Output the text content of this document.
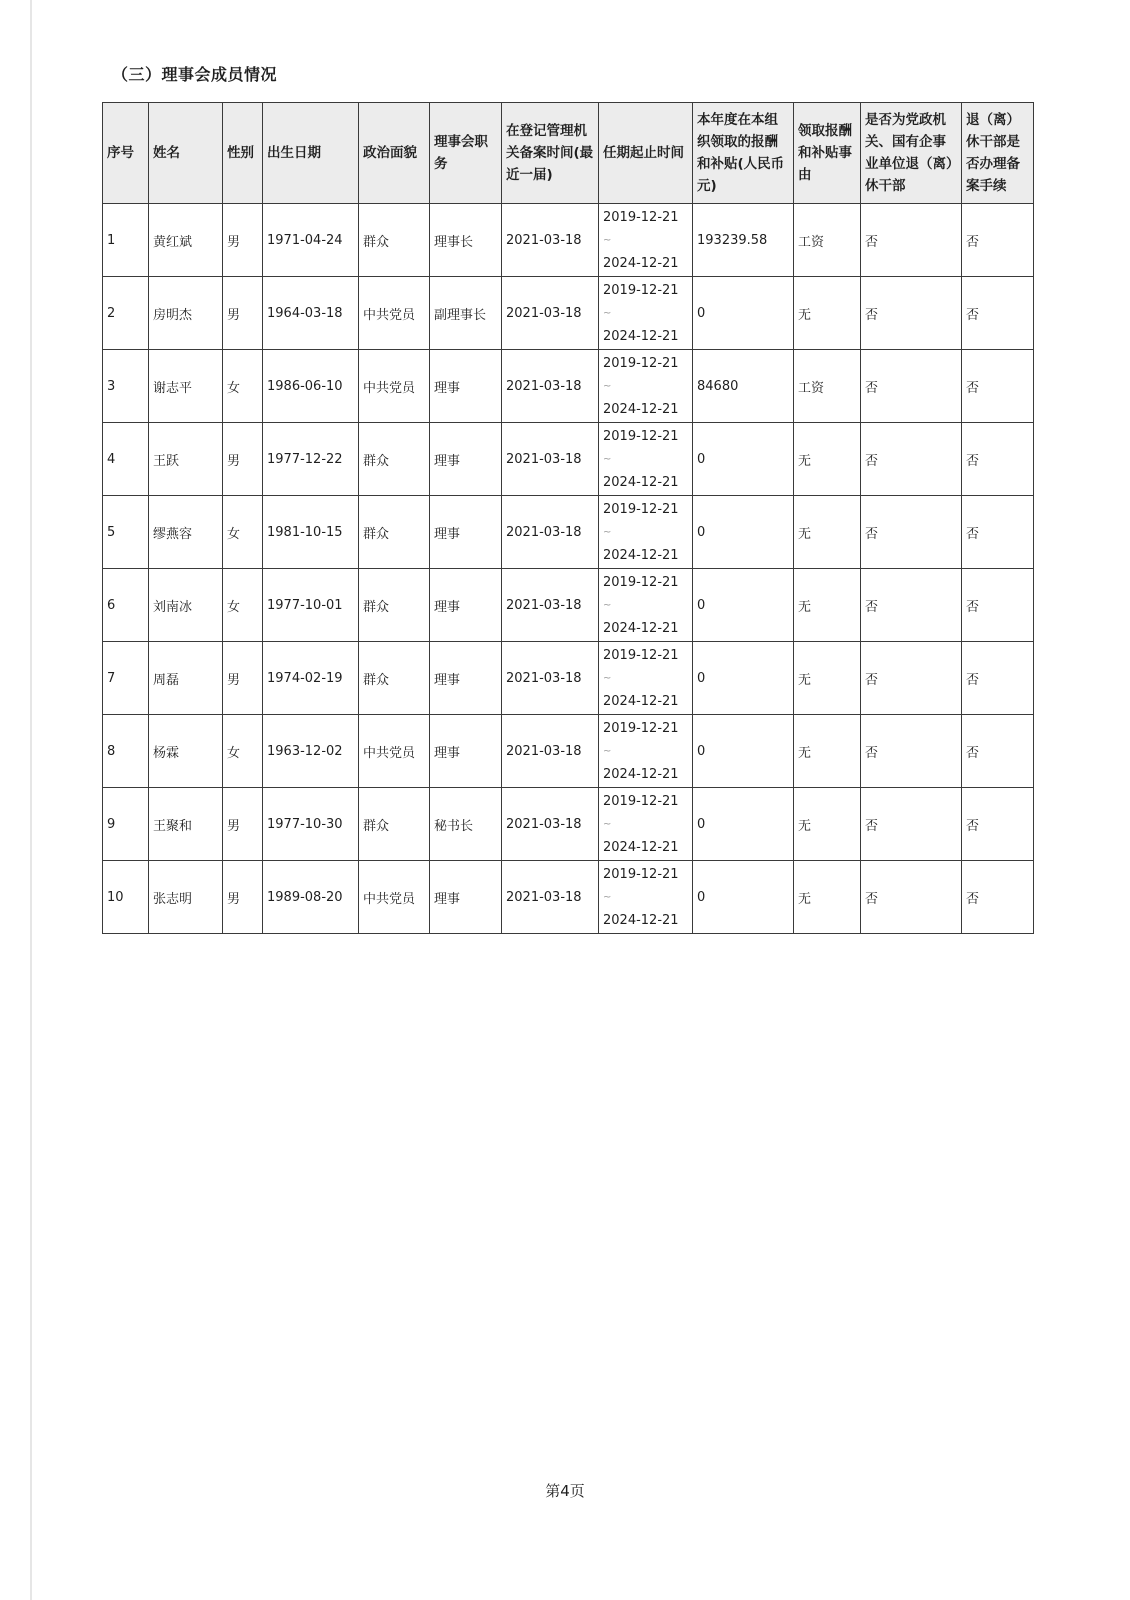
（三）理事会成员情况
序号	姓名	性别	出生日期	政治面貌	理事会职务	在登记管理机关备案时间(最近一届)	任期起止时间	本年度在本组织领取的报酬和补贴(人民币元)	领取报酬和补贴事由	是否为党政机关、国有企事业单位退（离）休干部	退（离）休干部是否办理备案手续
1	黄红斌	男	1971-04-24	群众	理事长	2021-03-18	2019-12-21
~
2024-12-21	193239.58	工资	否	否
2	房明杰	男	1964-03-18	中共党员	副理事长	2021-03-18	2019-12-21
~
2024-12-21	0	无	否	否
3	谢志平	女	1986-06-10	中共党员	理事	2021-03-18	2019-12-21
~
2024-12-21	84680	工资	否	否
4	王跃	男	1977-12-22	群众	理事	2021-03-18	2019-12-21
~
2024-12-21	0	无	否	否
5	缪燕容	女	1981-10-15	群众	理事	2021-03-18	2019-12-21
~
2024-12-21	0	无	否	否
6	刘南冰	女	1977-10-01	群众	理事	2021-03-18	2019-12-21
~
2024-12-21	0	无	否	否
7	周磊	男	1974-02-19	群众	理事	2021-03-18	2019-12-21
~
2024-12-21	0	无	否	否
8	杨霖	女	1963-12-02	中共党员	理事	2021-03-18	2019-12-21
~
2024-12-21	0	无	否	否
9	王聚和	男	1977-10-30	群众	秘书长	2021-03-18	2019-12-21
~
2024-12-21	0	无	否	否
10	张志明	男	1989-08-20	中共党员	理事	2021-03-18	2019-12-21
~
2024-12-21	0	无	否	否
第4页
